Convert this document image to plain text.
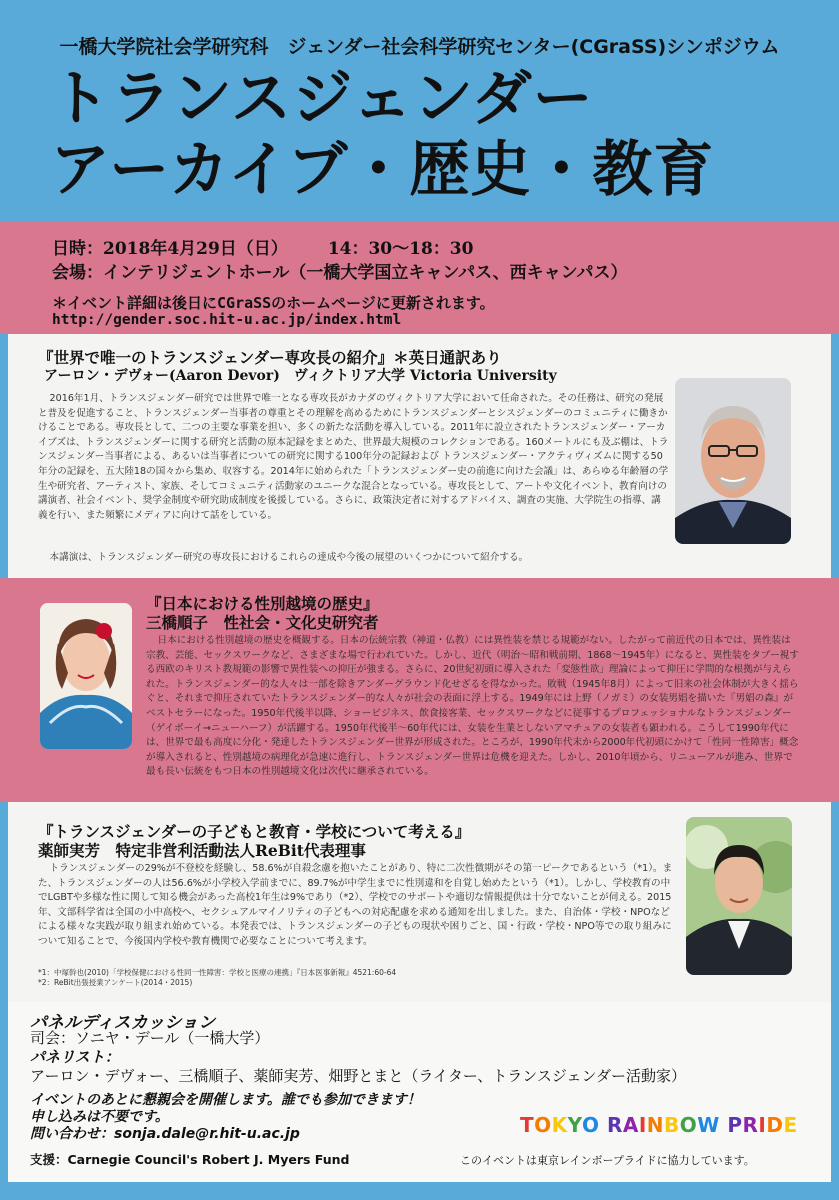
一橋大学院社会学研究科　ジェンダー社会科学研究センター(CGraSS)シンポジウム
トランスジェンダー
アーカイブ・歴史・教育
日時：2018年4月29日（日） 14：30〜18：30
会場：インテリジェントホール（一橋大学国立キャンパス、西キャンパス）
＊イベント詳細は後日にCGraSSのホームページに更新されます。
http://gender.soc.hit-u.ac.jp/index.html
『世界で唯一のトランスジェンダー専攻長の紹介』＊英日通訳あり
アーロン・デヴォー(Aaron Devor)　ヴィクトリア大学 Victoria University
2016年1月、トランスジェンダー研究では世界で唯一となる専攻長がカナダのヴィクトリア大学において任命された。その任務は、研究の発展と普及を促進すること、トランスジェンダー当事者の尊重とその理解を高めるためにトランスジェンダーとシスジェンダーのコミュニティに働きかけることである。専攻長として、二つの主要な事業を担い、多くの新たな活動を導入している。2011年に設立されたトランスジェンダー・アーカイブズは、トランスジェンダーに関する研究と活動の原本記録をまとめた、世界最大規模のコレクションである。160メートルにも及ぶ棚は、トランスジェンダー当事者による、あるいは当事者についての研究に関する100年分の記録および トランスジェンダー・アクティヴィズムに関する50年分の記録を、五大陸18の国々から集め、収容する。2014年に始められた「トランスジェンダー史の前進に向けた会議」は、あらゆる年齢層の学生や研究者、アーティスト、家族、そしてコミュニティ活動家のユニークな混合となっている。専攻長として、アートや文化イベント、教育向けの講演者、社会イベント、奨学金制度や研究助成制度を後援している。さらに、政策決定者に対するアドバイス、調査の実施、大学院生の指導、講義を行い、また頻繁にメディアに向けて話をしている。
本講演は、トランスジェンダー研究の専攻長におけるこれらの達成や今後の展望のいくつかについて紹介する。
『日本における性別越境の歴史』
三橋順子　性社会・文化史研究者
日本における性別越境の歴史を概観する。日本の伝統宗教（神道・仏教）には異性装を禁じる規範がない。したがって前近代の日本では、異性装は宗教、芸能、セックスワークなど、さまざまな場で行われていた。しかし、近代（明治〜昭和戦前期、1868〜1945年）になると、異性装をタブー視する西欧のキリスト教規範の影響で異性装への抑圧が強まる。さらに、20世紀初頭に導入された「変態性欲」理論によって抑圧に学問的な根拠が与えられた。トランスジェンダー的な人々は一部を除きアンダーグラウンド化せざるを得なかった。敗戦（1945年8月）によって旧来の社会体制が大きく揺らぐと、それまで抑圧されていたトランスジェンダー的な人々が社会の表面に浮上する。1949年には上野（ノガミ）の女装男娼を描いた『男娼の森』がベストセラーになった。1950年代後半以降、ショービジネス、飲食接客業、セックスワークなどに従事するプロフェッショナルなトランスジェンダー（ゲイボーイ→ニューハーフ）が活躍する。1950年代後半〜60年代には、女装を生業としないアマチュアの女装者も顕われる。こうして1990年代には、世界で最も高度に分化・発達したトランスジェンダー世界が形成された。ところが、1990年代末から2000年代初頭にかけて「性同一性障害」概念が導入されると、性別越境の病理化が急速に進行し、トランスジェンダー世界は危機を迎えた。しかし、2010年頃から、リニューアルが進み、世界で最も長い伝統をもつ日本の性別越境文化は次代に継承されている。
『トランスジェンダーの子どもと教育・学校について考える』
薬師実芳　特定非営利活動法人ReBit代表理事
トランスジェンダーの29%が不登校を経験し、58.6%が自殺念慮を抱いたことがあり、特に二次性徴期がその第一ピークであるという（*1）。また、トランスジェンダーの人は56.6%が小学校入学前までに、89.7%が中学生までに性別違和を自覚し始めたという（*1）。しかし、学校教育の中でLGBTや多様な性に関して知る機会があった高校1年生は9%であり（*2）、学校でのサポートや適切な情報提供は十分でないことが伺える。2015年、文部科学省は全国の小中高校へ、セクシュアルマイノリティの子どもへの対応配慮を求める通知を出しました。また、自治体・学校・NPOなどによる様々な実践が取り組まれ始めている。本発表では、トランスジェンダーの子どもの現状や困りごと、国・行政・学校・NPO等での取り組みについて知ることで、今後国内学校や教育機関で必要なことについて考えます。
*1：中塚幹也(2010)「学校保健における性同一性障害：学校と医療の連携」『日本医事新報』4521:60-64
*2：ReBit出張授業アンケート(2014・2015)
パネルディスカッション
司会：ソニヤ・デール（一橋大学）
パネリスト：
アーロン・デヴォー、三橋順子、薬師実芳、畑野とまと（ライター、トランスジェンダー活動家）
イベントのあとに懇親会を開催します。誰でも参加できます！
申し込みは不要です。
問い合わせ：sonja.dale@r.hit-u.ac.jp	TOKYO RAINBOW PRIDE
支援：Carnegie Council's Robert J. Myers Fund	このイベントは東京レインボープライドに協力しています。
